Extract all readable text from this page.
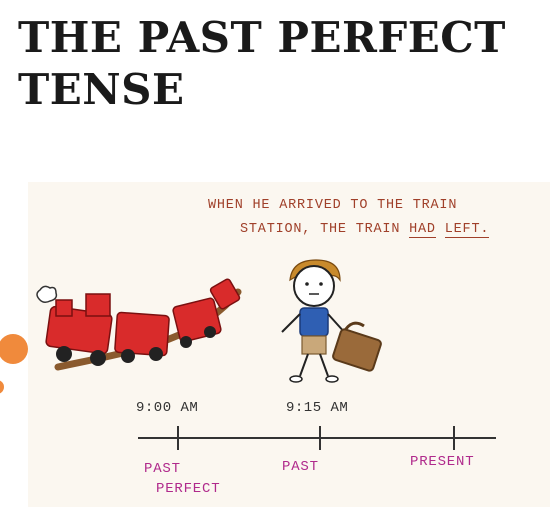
THE PAST PERFECT
TENSE
WHEN HE ARRIVED TO THE TRAIN
STATION, THE TRAIN HAD LEFT.
9:00 AM	9:15 AM
PAST
PERFECT
PAST	PRESENT
